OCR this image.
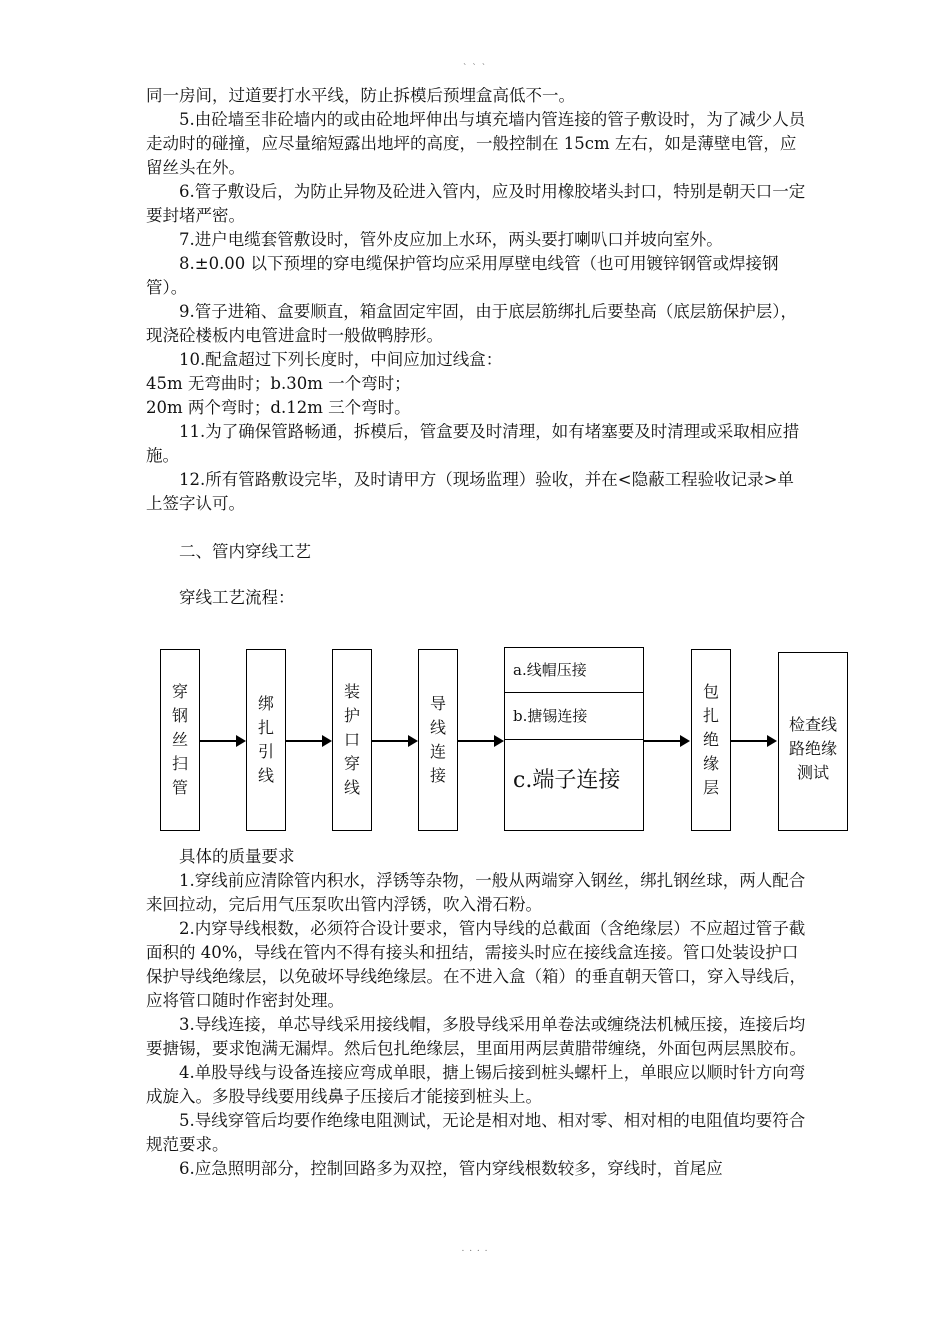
` ` `

同一房间，过道要打水平线，防止拆模后预埋盒高低不一。

5.由砼墙至非砼墙内的或由砼地坪伸出与填充墙内管连接的管子敷设时，为了减少人员走动时的碰撞，应尽量缩短露出地坪的高度，一般控制在 15cm 左右，如是薄壁电管，应留丝头在外。

6.管子敷设后，为防止异物及砼进入管内，应及时用橡胶堵头封口，特别是朝天口一定要封堵严密。

7.进户电缆套管敷设时，管外皮应加上水环，两头要打喇叭口并坡向室外。

8.±0.00 以下预埋的穿电缆保护管均应采用厚壁电线管（也可用镀锌钢管或焊接钢管）。

9.管子进箱、盒要顺直，箱盒固定牢固，由于底层筋绑扎后要垫高（底层筋保护层），现浇砼楼板内电管进盒时一般做鸭脖形。

10.配盒超过下列长度时，中间应加过线盒：

45m 无弯曲时；b.30m 一个弯时；

20m 两个弯时；d.12m 三个弯时。

11.为了确保管路畅通，拆模后，管盒要及时清理，如有堵塞要及时清理或采取相应措施。

12.所有管路敷设完毕，及时请甲方（现场监理）验收，并在<隐蔽工程验收记录>单上签字认可。

二、管内穿线工艺

穿线工艺流程：

穿
钢
丝
扫
管
绑
扎
引
线
装
护
口
穿
线
导
线
连
接
a.线帽压接
b.搪锡连接
c.端子连接
包
扎
绝
缘
层
检查线
路绝缘
测试

具体的质量要求

1.穿线前应清除管内积水，浮锈等杂物，一般从两端穿入钢丝，绑扎钢丝球，两人配合来回拉动，完后用气压泵吹出管内浮锈，吹入滑石粉。

2.内穿导线根数，必须符合设计要求，管内导线的总截面（含绝缘层）不应超过管子截面积的 40%，导线在管内不得有接头和扭结，需接头时应在接线盒连接。管口处装设护口保护导线绝缘层，以免破坏导线绝缘层。在不进入盒（箱）的垂直朝天管口，穿入导线后，应将管口随时作密封处理。

3.导线连接，单芯导线采用接线帽，多股导线采用单卷法或缠绕法机械压接，连接后均要搪锡，要求饱满无漏焊。然后包扎绝缘层，里面用两层黄腊带缠绕，外面包两层黑胶布。

4.单股导线与设备连接应弯成单眼，搪上锡后接到桩头螺杆上，单眼应以顺时针方向弯成旋入。多股导线要用线鼻子压接后才能接到桩头上。

5.导线穿管后均要作绝缘电阻测试，无论是相对地、相对零、相对相的电阻值均要符合规范要求。

6.应急照明部分，控制回路多为双控，管内穿线根数较多，穿线时，首尾应

. . . .
